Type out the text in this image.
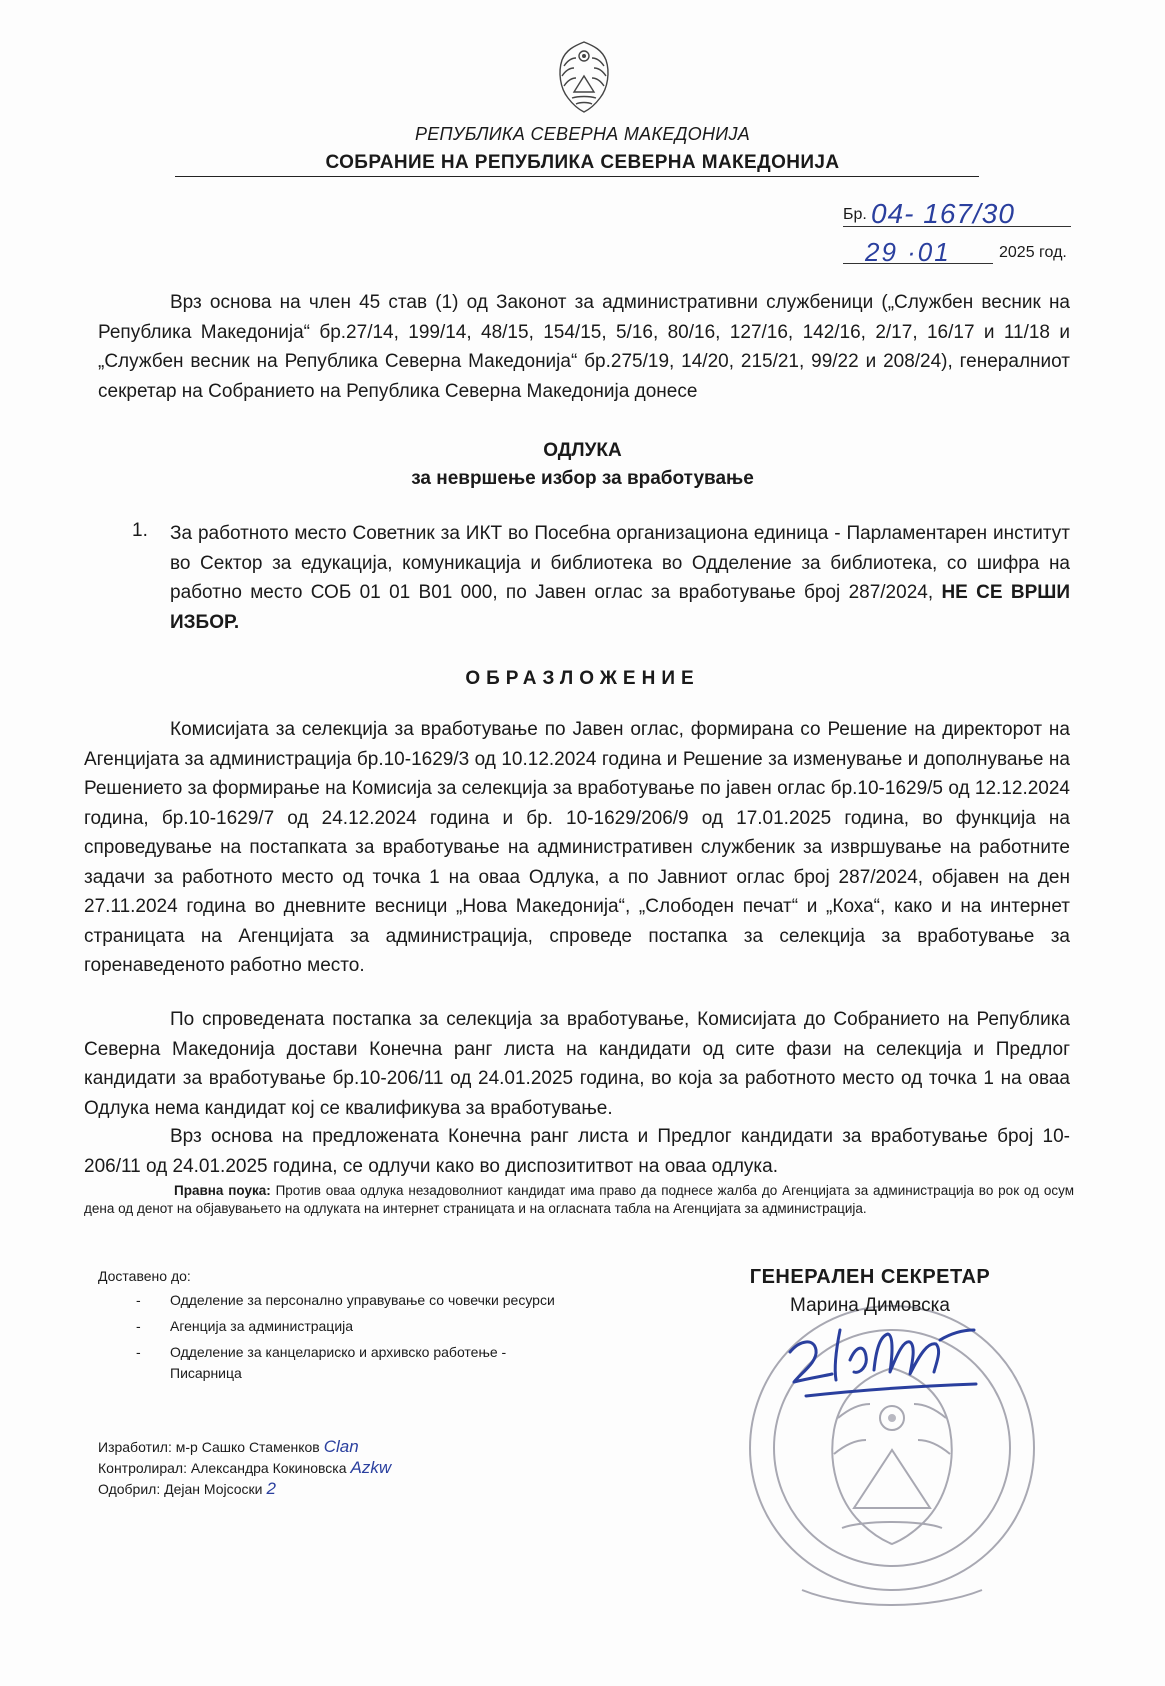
РЕПУБЛИКА СЕВЕРНА МАКЕДОНИЈА
СОБРАНИЕ НА РЕПУБЛИКА СЕВЕРНА МАКЕДОНИЈА
Бр. 04- 167/30
29 ·01	2025 год.
Врз основа на член 45 став (1) од Законот за административни службеници („Службен весник на Република Македонија“ бр.27/14, 199/14, 48/15, 154/15, 5/16, 80/16, 127/16, 142/16, 2/17, 16/17 и 11/18 и „Службен весник на Република Северна Македонија“ бр.275/19, 14/20, 215/21, 99/22 и 208/24), генералниот секретар на Собранието на Република Северна Македонија донесе
ОДЛУКА
за невршење избор за вработување
1. За работното место Советник за ИКТ во Посебна организациона единица - Парламентарен институт во Сектор за едукација, комуникација и библиотека во Одделение за библиотека, со шифра на работно место СОБ 01 01 В01 000, по Јавен оглас за вработување број 287/2024, НЕ СЕ ВРШИ ИЗБОР.
ОБРАЗЛОЖЕНИЕ
Комисијата за селекција за вработување по Јавен оглас, формирана со Решение на директорот на Агенцијата за администрација бр.10-1629/3 од 10.12.2024 година и Решение за изменување и дополнување на Решението за формирање на Комисија за селекција за вработување по јавен оглас бр.10-1629/5 од 12.12.2024 година, бр.10-1629/7 од 24.12.2024 година и бр. 10-1629/206/9 од 17.01.2025 година, во функција на спроведување на постапката за вработување на административен службеник за извршување на работните задачи за работното место од точка 1 на оваа Одлука, а по Јавниот оглас број 287/2024, објавен на ден 27.11.2024 година во дневните весници „Нова Македонија“, „Слободен печат“ и „Коха“, како и на интернет страницата на Агенцијата за администрација, спроведе постапка за селекција за вработување за горенаведеното работно место.
По спроведената постапка за селекција за вработување, Комисијата до Собранието на Република Северна Македонија достави Конечна ранг листа на кандидати од сите фази на селекција и Предлог кандидати за вработување бр.10-206/11 од 24.01.2025 година, во која за работното место од точка 1 на оваа Одлука нема кандидат кој се квалификува за вработување.
Врз основа на предложената Конечна ранг листа и Предлог кандидати за вработување број 10-206/11 од 24.01.2025 година, се одлучи како во диспозититвот на оваа одлука.
Правна поука: Против оваа одлука незадоволниот кандидат има право да поднесе жалба до Агенцијата за администрација во рок од осум дена од денот на објавувањето на одлуката на интернет страницата и на огласната табла на Агенцијата за администрација.
Доставено до:
- Одделение за персонално управување со човечки ресурси
- Агенција за администрација
- Одделение за канцелариско и архивско работење - Писарница
Изработил: м-р Сашко Стаменков Clan
Контролирал: Александра Кокиновска Azkw
Одобрил: Дејан Мојсоски 2
ГЕНЕРАЛЕН СЕКРЕТАР
Марина Димовска
